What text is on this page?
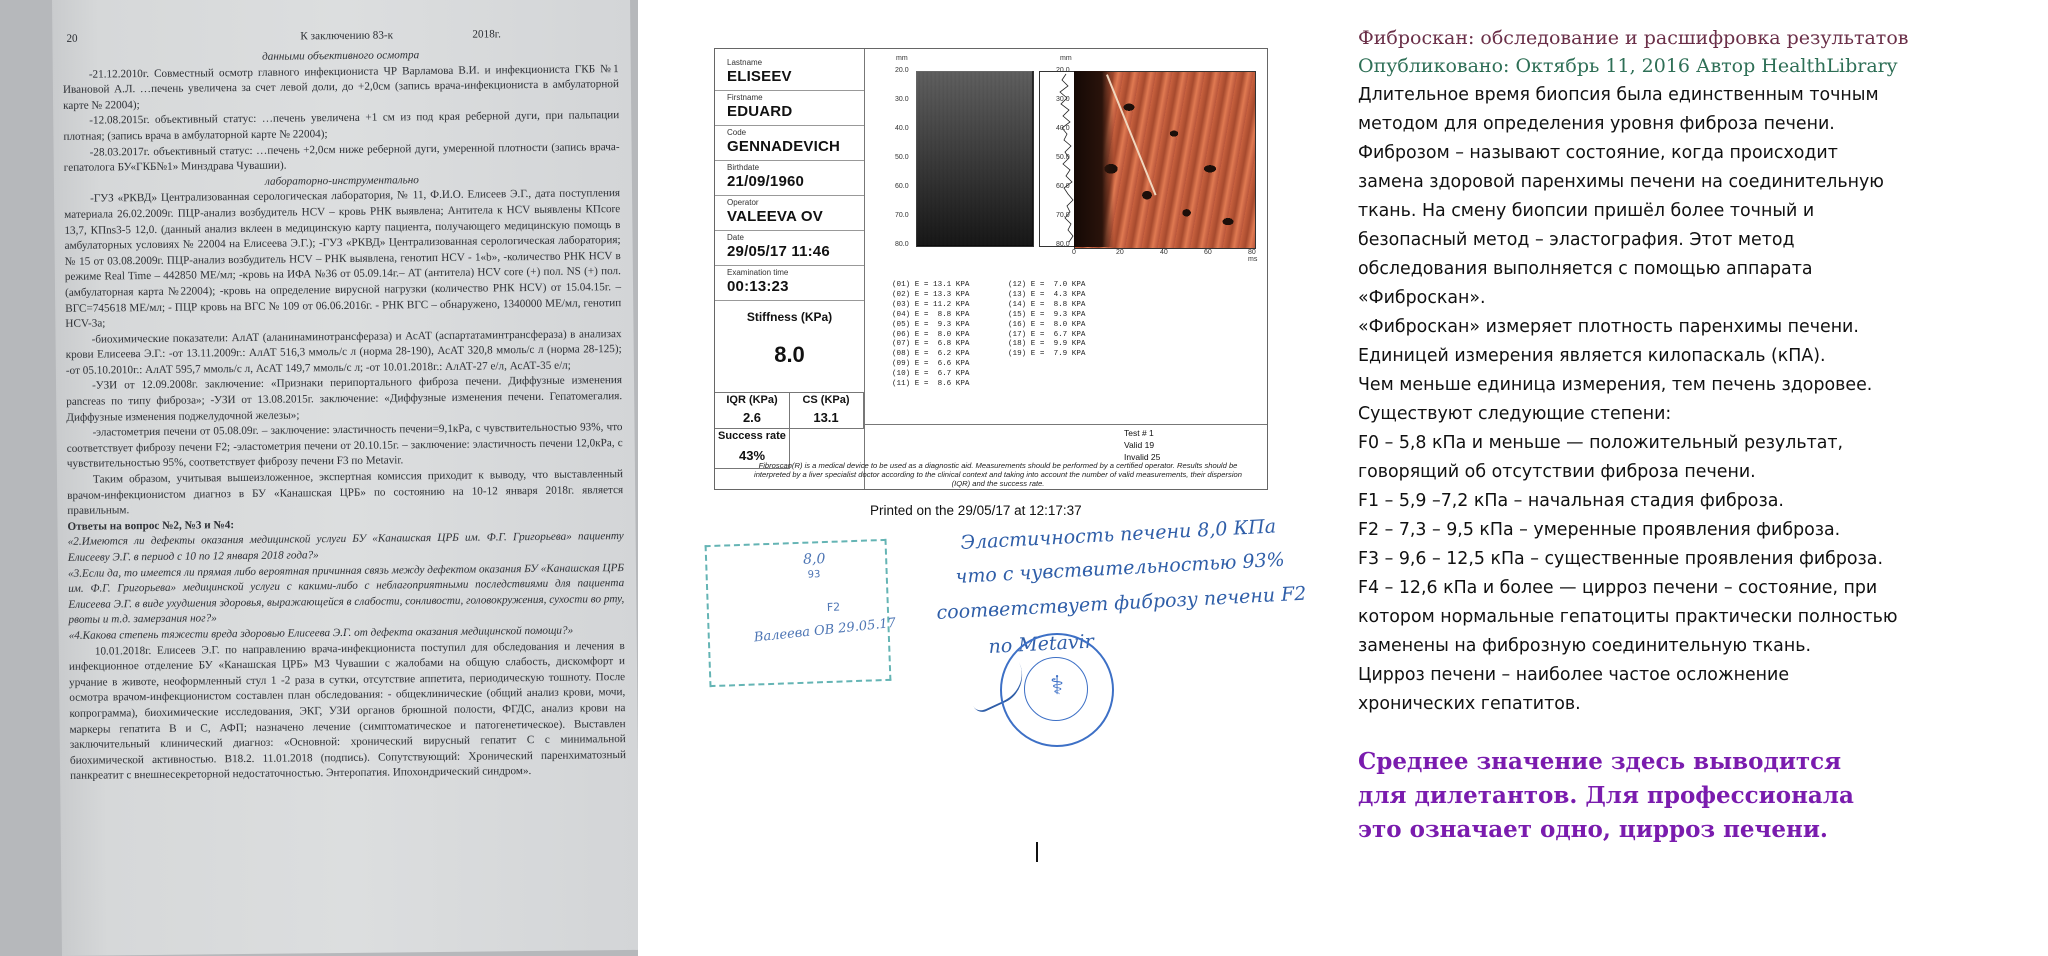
20	К заключению 83-к	2018г.

данными объективного осмотра

-21.12.2010г. Совместный осмотр главного инфекциониста ЧР Варламова В.И. и инфекциониста ГКБ №1 Ивановой А.Л. …печень увеличена за счет левой доли, до +2,0см (запись врача-инфекциониста в амбулаторной карте № 22004);

-12.08.2015г. объективный статус: …печень увеличена +1 см из под края реберной дуги, при пальпации плотная; (запись врача в амбулаторной карте № 22004);

-28.03.2017г. объективный статус: …печень +2,0см ниже реберной дуги, умеренной плотности (запись врача-гепатолога БУ«ГКБ№1» Минздрава Чувашии).

лабораторно-инструментально

-ГУЗ «РКВД» Централизованная серологическая лаборатория, № 11, Ф.И.О. Елисеев Э.Г., дата поступления материала 26.02.2009г. ПЦР-анализ возбудитель HCV – кровь РНК выявлена; Антитела к HCV выявлены КПcore 13,7, КПns3-5 12,0. (данный анализ вклеен в медицинскую карту пациента, получающего медицинскую помощь в амбулаторных условиях № 22004 на Елисеева Э.Г.); -ГУЗ «РКВД» Централизованная серологическая лаборатория; № 15 от 03.08.2009г. ПЦР-анализ возбудитель HCV – РНК выявлена, генотип HCV - 1«b», -количество РНК HCV в режиме Real Time – 442850 МЕ/мл; -кровь на ИФА №36 от 05.09.14г.– AT (антитела) HCV core (+) пол. NS (+) пол. (амбулаторная карта №22004); -кровь на определение вирусной нагрузки (количество РНК HCV) от 15.04.15г. – ВГС=745618 МЕ/мл; - ПЦР кровь на ВГС № 109 от 06.06.2016г. - РНК ВГС – обнаружено, 1340000 МЕ/мл, генотип HCV-3a;

-биохимические показатели: АлАТ (аланинаминотрансфераза) и АсАТ (аспартатаминтрансфераза) в анализах крови Елисеева Э.Г.: -от 13.11.2009г.: АлАТ 516,3 ммоль/с л (норма 28-190), АсАТ 320,8 ммоль/с л (норма 28-125); -от 05.10.2010г.: АлАТ 595,7 ммоль/с л, АсАТ 149,7 ммоль/с л; -от 10.01.2018г.: АлАТ-27 е/л, АсАТ-35 е/л;

-УЗИ от 12.09.2008г. заключение: «Признаки перипортального фиброза печени. Диффузные изменения pancreas по типу фиброза»; -УЗИ от 13.08.2015г. заключение: «Диффузные изменения печени. Гепатомегалия. Диффузные изменения поджелудочной железы»;

-эластометрия печени от 05.08.09г. – заключение: эластичность печени=9,1кРа, с чувствительностью 93%, что соответствует фиброзу печени F2; -эластометрия печени от 20.10.15г. – заключение: эластичность печени 12,0кРа, с чувствительностью 95%, соответствует фиброзу печени F3 по Metavir.

Таким образом, учитывая вышеизложенное, экспертная комиссия приходит к выводу, что выставленный врачом-инфекционистом диагноз в БУ «Канашская ЦРБ» по состоянию на 10-12 января 2018г. является правильным.

Ответы на вопрос №2, №3 и №4:

«2.Имеются ли дефекты оказания медицинской услуги БУ «Канашская ЦРБ им. Ф.Г. Григорьева» пациенту Елисееву Э.Г. в период с 10 по 12 января 2018 года?»

«3.Если да, то имеется ли прямая либо вероятная причинная связь между дефектом оказания БУ «Канашская ЦРБ им. Ф.Г. Григорьева» медицинской услуги с какими-либо с неблагоприятными последствиями для пациента Елисеева Э.Г. в виде ухудшения здоровья, выражающейся в слабости, сонливости, головокружения, сухости во рту, рвоты и т.д. замерзания ног?»

«4.Какова степень тяжести вреда здоровью Елисеева Э.Г. от дефекта оказания медицинской помощи?»

10.01.2018г. Елисеев Э.Г. по направлению врача-инфекциониста поступил для обследования и лечения в инфекционное отделение БУ «Канашская ЦРБ» МЗ Чувашии с жалобами на общую слабость, дискомфорт и урчание в животе, неоформленный стул 1 -2 раза в сутки, отсутствие аппетита, периодическую тошноту. После осмотра врачом-инфекционистом составлен план обследования: - общеклинические (общий анализ крови, мочи, копрограмма), биохимические исследования, ЭКГ, УЗИ органов брюшной полости, ФГДС, анализ крови на маркеры гепатита В и С, АФП; назначено лечение (симптоматическое и патогенетическое). Выставлен заключительный клинический диагноз: «Основной: хронический вирусный гепатит С с минимальной биохимической активностью. B18.2. 11.01.2018 (подпись). Сопутствующий: Хронический паренхиматозный панкреатит с внешнесекреторной недостаточностью. Энтеропатия. Ипохондрический синдром».

Lastname
ELISEEV
Firstname
EDUARD
Code
GENNADEVICH
Birthdate
21/09/1960
Operator
VALEEVA OV
Date
29/05/17 11:46
Examination time
00:13:23
Stiffness (KPa)
8.0
IQR (KPa)
2.6
CS (KPa)
13.1
Success rate
43%
mm
20.0
30.0
40.0
50.0
60.0
70.0
80.0
mm
20.0
30.0
40.0
50.0
60.0
70.0
80.0
0	20	40	60	80 ms
(01) E = 13.1 KPA
(02) E = 13.3 KPA
(03) E = 11.2 KPA
(04) E =  8.8 KPA
(05) E =  9.3 KPA
(06) E =  8.0 KPA
(07) E =  6.8 KPA
(08) E =  6.2 KPA
(09) E =  6.6 KPA
(10) E =  6.7 KPA
(11) E =  8.6 KPA
(12) E =  7.0 KPA
(13) E =  4.3 KPA
(14) E =  8.8 KPA
(15) E =  9.3 KPA
(16) E =  8.0 KPA
(17) E =  6.7 KPA
(18) E =  9.9 KPA
(19) E =  7.9 KPA
Test # 1
Valid 19
Invalid 25
Fibroscan(R) is a medical device to be used as a diagnostic aid. Measurements should be performed by a certified operator. Results should be interpreted by a liver specialist doctor according to the clinical context and taking into account the number of valid measurements, their dispersion (IQR) and the success rate.
Printed on the 29/05/17 at 12:17:37
8,0
93
F2
Валеева ОВ 29.05.17
Эластичность печени 8,0 КПа
что с чувствительностью 93%
соответствует фиброзу печени F2
по Metavir
⚕
Фиброскан: обследование и расшифровка результатов
Опубликовано: Октябрь 11, 2016 Автор HealthLibrary
Длительное время биопсия была единственным точным
методом для определения уровня фиброза печени.
Фиброзом – называют состояние, когда происходит
замена здоровой паренхимы печени на соединительную
ткань. На смену биопсии пришёл более точный и
безопасный метод – эластография. Этот метод
обследования выполняется с помощью аппарата
«Фиброскан».
«Фиброскан» измеряет плотность паренхимы печени.
Единицей измерения является килопаскаль (кПА).
Чем меньше единица измерения, тем печень здоровее.
Существуют следующие степени:
F0 – 5,8 кПа и меньше — положительный результат,
говорящий об отсутствии фиброза печени.
F1 – 5,9 –7,2 кПа – начальная стадия фиброза.
F2 – 7,3 – 9,5 кПа – умеренные проявления фиброза.
F3 – 9,6 – 12,5 кПа – существенные проявления фиброза.
F4 – 12,6 кПа и более — цирроз печени – состояние, при
котором нормальные гепатоциты практически полностью
заменены на фиброзную соединительную ткань.
Цирроз печени – наиболее частое осложнение
хронических гепатитов.
Среднее значение здесь выводится
для дилетантов. Для профессионала
это означает одно, цирроз печени.
